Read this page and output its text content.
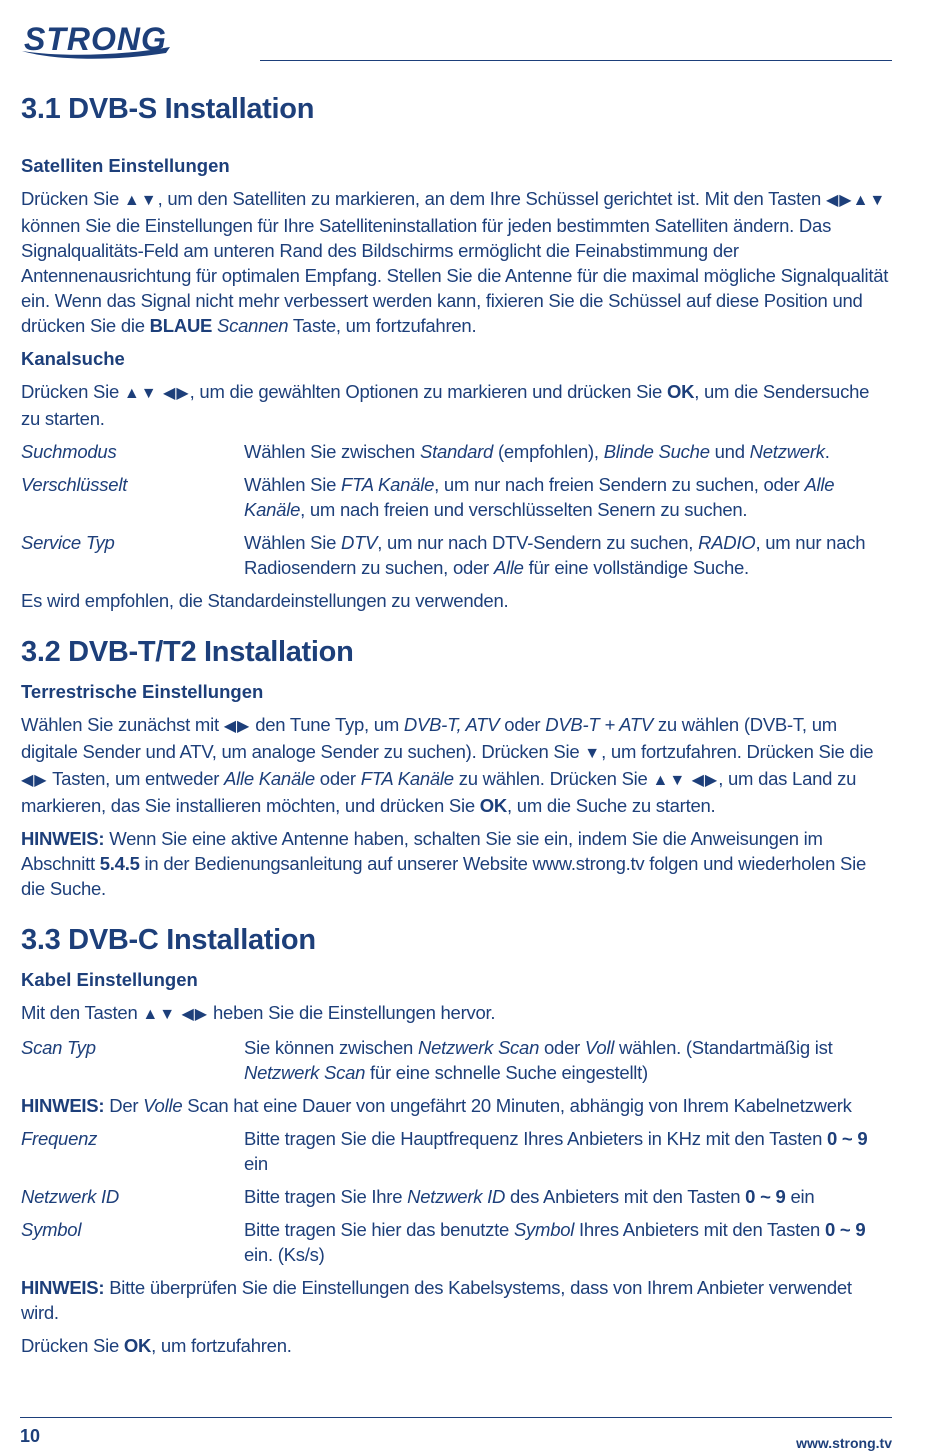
STRONG
3.1 DVB-S Installation
Satelliten Einstellungen

Drücken Sie ▲▼, um den Satelliten zu markieren, an dem Ihre Schüssel gerichtet ist. Mit den Tasten ◀▶▲▼ können Sie die Einstellungen für Ihre Satelliteninstallation für jeden bestimmten Satelliten ändern. Das Signalqualitäts-Feld am unteren Rand des Bildschirms ermöglicht die Feinabstimmung der Antennenausrichtung für optimalen Empfang. Stellen Sie die Antenne für die maximal mögliche Signalqualität ein. Wenn das Signal nicht mehr verbessert werden kann, fixieren Sie die Schüssel auf diese Position und drücken Sie die BLAUE Scannen Taste, um fortzufahren.

Kanalsuche

Drücken Sie ▲▼ ◀▶, um die gewählten Optionen zu markieren und drücken Sie OK, um die Sendersuche zu starten.

Suchmodus	Wählen Sie zwischen Standard (empfohlen), Blinde Suche und Netzwerk.
Verschlüsselt	Wählen Sie FTA Kanäle, um nur nach freien Sendern zu suchen, oder Alle Kanäle, um nach freien und verschlüsselten Senern zu suchen.
Service Typ	Wählen Sie DTV, um nur nach DTV-Sendern zu suchen, RADIO, um nur nach Radiosendern zu suchen, oder Alle für eine vollständige Suche.

Es wird empfohlen, die Standardeinstellungen zu verwenden.

3.2 DVB-T/T2 Installation
Terrestrische Einstellungen

Wählen Sie zunächst mit ◀▶ den Tune Typ, um DVB-T, ATV oder DVB-T + ATV zu wählen (DVB-T, um digitale Sender und ATV, um analoge Sender zu suchen). Drücken Sie ▼, um fortzufahren. Drücken Sie die ◀▶ Tasten, um entweder Alle Kanäle oder FTA Kanäle zu wählen. Drücken Sie ▲▼ ◀▶, um das Land zu markieren, das Sie installieren möchten, und drücken Sie OK, um die Suche zu starten.

HINWEIS: Wenn Sie eine aktive Antenne haben, schalten Sie sie ein, indem Sie die Anweisungen im Abschnitt 5.4.5 in der Bedienungsanleitung auf unserer Website www.strong.tv folgen und wiederholen Sie die Suche.

3.3 DVB-C Installation
Kabel Einstellungen

Mit den Tasten ▲▼ ◀▶ heben Sie die Einstellungen hervor.

Scan Typ	Sie können zwischen Netzwerk Scan oder Voll wählen. (Standartmäßig ist Netzwerk Scan für eine schnelle Suche eingestellt)

HINWEIS: Der Volle Scan hat eine Dauer von ungefährt 20 Minuten, abhängig von Ihrem Kabelnetzwerk

Frequenz	Bitte tragen Sie die Hauptfrequenz Ihres Anbieters in KHz mit den Tasten 0 ~ 9 ein
Netzwerk ID	Bitte tragen Sie Ihre Netzwerk ID des Anbieters mit den Tasten 0 ~ 9 ein
Symbol	Bitte tragen Sie hier das benutzte Symbol Ihres Anbieters mit den Tasten 0 ~ 9 ein. (Ks/s)

HINWEIS: Bitte überprüfen Sie die Einstellungen des Kabelsystems, dass von Ihrem Anbieter verwendet wird.

Drücken Sie OK, um fortzufahren.

10	www.strong.tv
